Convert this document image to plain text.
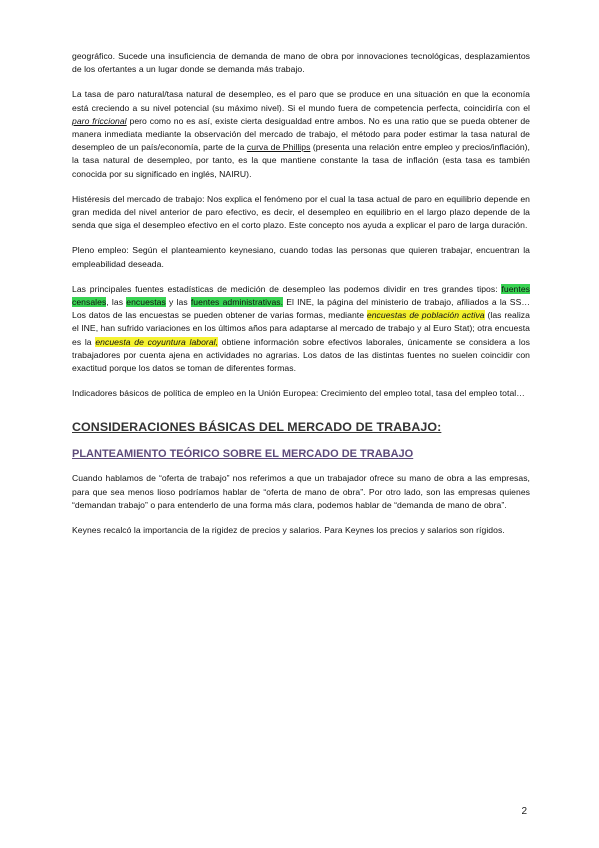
geográfico. Sucede una insuficiencia de demanda de mano de obra por innovaciones tecnológicas, desplazamientos de los ofertantes a un lugar donde se demanda más trabajo.

La tasa de paro natural/tasa natural de desempleo, es el paro que se produce en una situación en que la economía está creciendo a su nivel potencial (su máximo nivel). Si el mundo fuera de competencia perfecta, coincidiría con el paro friccional pero como no es así, existe cierta desigualdad entre ambos. No es una ratio que se pueda obtener de manera inmediata mediante la observación del mercado de trabajo, el método para poder estimar la tasa natural de desempleo de un país/economía, parte de la curva de Phillips (presenta una relación entre empleo y precios/inflación), la tasa natural de desempleo, por tanto, es la que mantiene constante la tasa de inflación (esta tasa es también conocida por su significado en inglés, NAIRU).

Histéresis del mercado de trabajo: Nos explica el fenómeno por el cual la tasa actual de paro en equilibrio depende en gran medida del nivel anterior de paro efectivo, es decir, el desempleo en equilibrio en el largo plazo depende de la senda que siga el desempleo efectivo en el corto plazo. Este concepto nos ayuda a explicar el paro de larga duración.

Pleno empleo: Según el planteamiento keynesiano, cuando todas las personas que quieren trabajar, encuentran la empleabilidad deseada.

Las principales fuentes estadísticas de medición de desempleo las podemos dividir en tres grandes tipos: fuentes censales, las encuestas y las fuentes administrativas. El INE, la página del ministerio de trabajo, afiliados a la SS… Los datos de las encuestas se pueden obtener de varias formas, mediante encuestas de población activa (las realiza el INE, han sufrido variaciones en los últimos años para adaptarse al mercado de trabajo y al Euro Stat); otra encuesta es la encuesta de coyuntura laboral, obtiene información sobre efectivos laborales, únicamente se considera a los trabajadores por cuenta ajena en actividades no agrarias. Los datos de las distintas fuentes no suelen coincidir con exactitud porque los datos se toman de diferentes formas.

Indicadores básicos de política de empleo en la Unión Europea: Crecimiento del empleo total, tasa del empleo total…

CONSIDERACIONES BÁSICAS DEL MERCADO DE TRABAJO:
PLANTEAMIENTO TEÓRICO SOBRE EL MERCADO DE TRABAJO

Cuando hablamos de “oferta de trabajo” nos referimos a que un trabajador ofrece su mano de obra a las empresas, para que sea menos lioso podríamos hablar de “oferta de mano de obra”. Por otro lado, son las empresas quienes “demandan trabajo” o para entenderlo de una forma más clara, podemos hablar de “demanda de mano de obra”.

Keynes recalcó la importancia de la rigidez de precios y salarios. Para Keynes los precios y salarios son rígidos.

2
